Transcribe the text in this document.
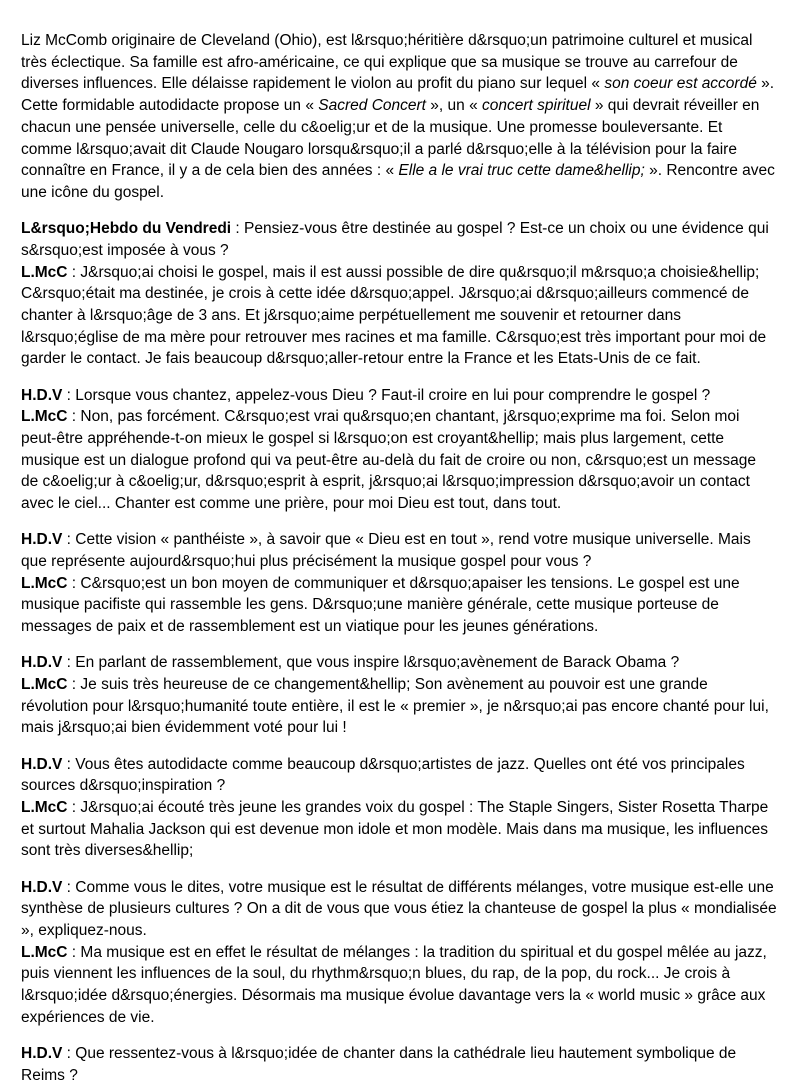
Liz McComb originaire de Cleveland (Ohio), est l&rsquo;héritière d&rsquo;un patrimoine culturel et musical très éclectique. Sa famille est afro-américaine, ce qui explique que sa musique se trouve au carrefour de diverses influences. Elle délaisse rapidement le violon au profit du piano sur lequel « son coeur est accordé ». Cette formidable autodidacte propose un « Sacred Concert », un « concert spirituel » qui devrait réveiller en chacun une pensée universelle, celle du c&oelig;ur et de la musique. Une promesse bouleversante. Et comme l&rsquo;avait dit Claude Nougaro lorsqu&rsquo;il a parlé d&rsquo;elle à la télévision pour la faire connaître en France, il y a de cela bien des années : « Elle a le vrai truc cette dame&hellip; ». Rencontre avec une icône du gospel.

L&rsquo;Hebdo du Vendredi : Pensiez-vous être destinée au gospel ? Est-ce un choix ou une évidence qui s&rsquo;est imposée à vous ?

L.McC : J&rsquo;ai choisi le gospel, mais il est aussi possible de dire qu&rsquo;il m&rsquo;a choisie&hellip; C&rsquo;était ma destinée, je crois à cette idée d&rsquo;appel. J&rsquo;ai d&rsquo;ailleurs commencé de chanter à l&rsquo;âge de 3 ans. Et j&rsquo;aime perpétuellement me souvenir et retourner dans l&rsquo;église de ma mère pour retrouver mes racines et ma famille. C&rsquo;est très important pour moi de garder le contact. Je fais beaucoup d&rsquo;aller-retour entre la France et les Etats-Unis de ce fait.

H.D.V : Lorsque vous chantez, appelez-vous Dieu ? Faut-il croire en lui pour comprendre le gospel ?

L.McC : Non, pas forcément. C&rsquo;est vrai qu&rsquo;en chantant, j&rsquo;exprime ma foi. Selon moi peut-être appréhende-t-on mieux le gospel si l&rsquo;on est croyant&hellip; mais plus largement, cette musique est un dialogue profond qui va peut-être au-delà du fait de croire ou non, c&rsquo;est un message de c&oelig;ur à c&oelig;ur, d&rsquo;esprit à esprit, j&rsquo;ai l&rsquo;impression d&rsquo;avoir un contact avec le ciel... Chanter est comme une prière, pour moi Dieu est tout, dans tout.

H.D.V : Cette vision « panthéiste », à savoir que « Dieu est en tout », rend votre musique universelle. Mais que représente aujourd&rsquo;hui plus précisément la musique gospel pour vous ?

L.McC : C&rsquo;est un bon moyen de communiquer et d&rsquo;apaiser les tensions. Le gospel est une musique pacifiste qui rassemble les gens. D&rsquo;une manière générale, cette musique porteuse de messages de paix et de rassemblement est un viatique pour les jeunes générations.

H.D.V : En parlant de rassemblement, que vous inspire l&rsquo;avènement de Barack Obama ?

L.McC : Je suis très heureuse de ce changement&hellip; Son avènement au pouvoir est une grande révolution pour l&rsquo;humanité toute entière, il est le « premier », je n&rsquo;ai pas encore chanté pour lui, mais j&rsquo;ai bien évidemment voté pour lui !

H.D.V : Vous êtes autodidacte comme beaucoup d&rsquo;artistes de jazz. Quelles ont été vos principales sources d&rsquo;inspiration ?

L.McC : J&rsquo;ai écouté très jeune les grandes voix du gospel : The Staple Singers, Sister Rosetta Tharpe et surtout Mahalia Jackson qui est devenue mon idole et mon modèle. Mais dans ma musique, les influences sont très diverses&hellip;

H.D.V : Comme vous le dites, votre musique est le résultat de différents mélanges, votre musique est-elle une synthèse de plusieurs cultures ? On a dit de vous que vous étiez la chanteuse de gospel la plus « mondialisée », expliquez-nous.

L.McC : Ma musique est en effet le résultat de mélanges : la tradition du spiritual et du gospel mêlée au jazz, puis viennent les influences de la soul, du rhythm&rsquo;n blues, du rap, de la pop, du rock... Je crois à l&rsquo;idée d&rsquo;énergies. Désormais ma musique évolue davantage vers la « world music » grâce aux expériences de vie.

H.D.V : Que ressentez-vous à l&rsquo;idée de chanter dans la cathédrale lieu hautement symbolique de Reims ?
